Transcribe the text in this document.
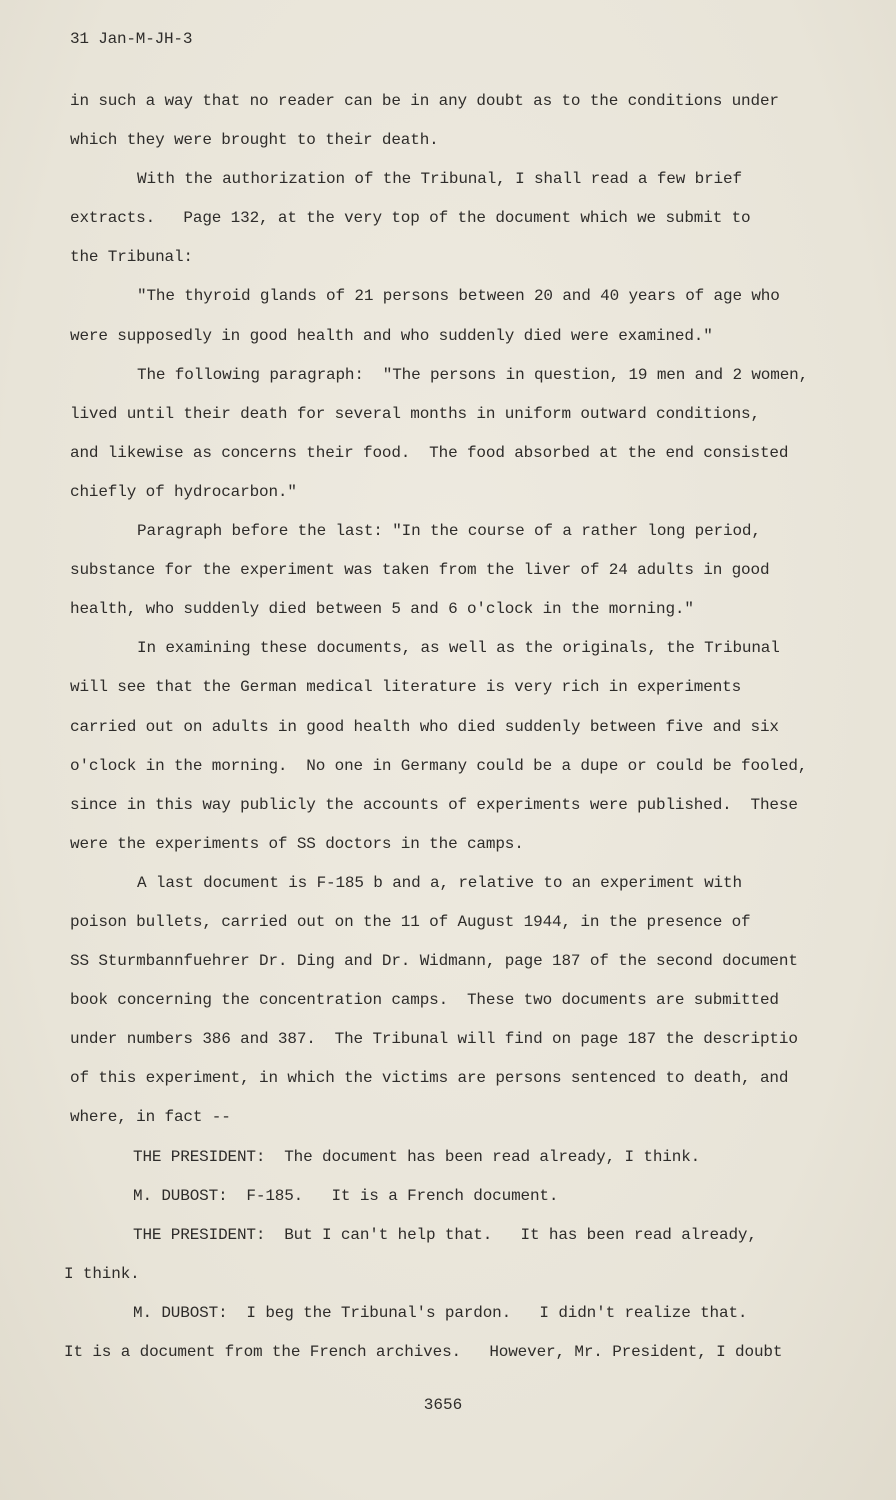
31 Jan-M-JH-3
in such a way that no reader can be in any doubt as to the conditions under
which they were brought to their death.
With the authorization of the Tribunal, I shall read a few brief
extracts.   Page 132, at the very top of the document which we submit to
the Tribunal:
"The thyroid glands of 21 persons between 20 and 40 years of age who
were supposedly in good health and who suddenly died were examined."
The following paragraph:  "The persons in question, 19 men and 2 women,
lived until their death for several months in uniform outward conditions,
and likewise as concerns their food.  The food absorbed at the end consisted
chiefly of hydrocarbon."
Paragraph before the last: "In the course of a rather long period,
substance for the experiment was taken from the liver of 24 adults in good
health, who suddenly died between 5 and 6 o'clock in the morning."
In examining these documents, as well as the originals, the Tribunal
will see that the German medical literature is very rich in experiments
carried out on adults in good health who died suddenly between five and six
o'clock in the morning.  No one in Germany could be a dupe or could be fooled,
since in this way publicly the accounts of experiments were published.  These
were the experiments of SS doctors in the camps.
A last document is F-185 b and a, relative to an experiment with
poison bullets, carried out on the 11 of August 1944, in the presence of
SS Sturmbannfuehrer Dr. Ding and Dr. Widmann, page 187 of the second document
book concerning the concentration camps.  These two documents are submitted
under numbers 386 and 387.  The Tribunal will find on page 187 the descriptio
of this experiment, in which the victims are persons sentenced to death, and
where, in fact --
THE PRESIDENT:  The document has been read already, I think.
M. DUBOST:  F-185.   It is a French document.
THE PRESIDENT:  But I can't help that.   It has been read already,
I think.
M. DUBOST:  I beg the Tribunal's pardon.   I didn't realize that.
It is a document from the French archives.   However, Mr. President, I doubt
3656
